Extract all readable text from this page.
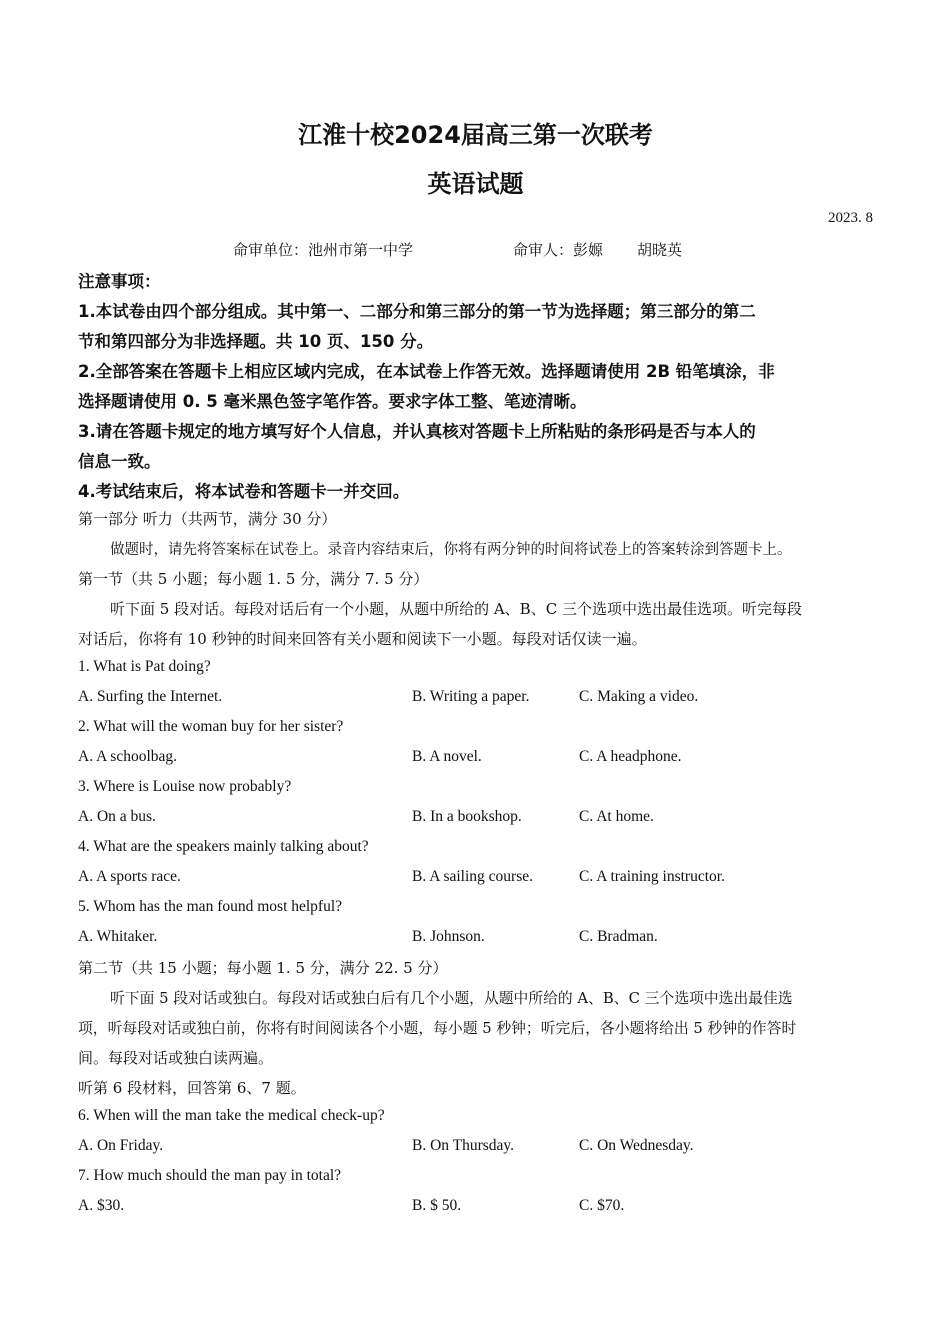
江淮十校2024届高三第一次联考
英语试题
2023. 8
命审单位：池州市第一中学	命审人：彭嫄 胡晓英
注意事项：
1.本试卷由四个部分组成。其中第一、二部分和第三部分的第一节为选择题；第三部分的第二
节和第四部分为非选择题。共 10 页、150 分。
2.全部答案在答题卡上相应区域内完成，在本试卷上作答无效。选择题请使用 2B 铅笔填涂，非
选择题请使用 0. 5 毫米黑色签字笔作答。要求字体工整、笔迹清晰。
3.请在答题卡规定的地方填写好个人信息，并认真核对答题卡上所粘贴的条形码是否与本人的
信息一致。
4.考试结束后，将本试卷和答题卡一并交回。
第一部分 听力（共两节，满分 30 分）
做题时，请先将答案标在试卷上。录音内容结束后，你将有两分钟的时间将试卷上的答案转涂到答题卡上。
第一节（共 5 小题；每小题 1. 5 分，满分 7. 5 分）
听下面 5 段对话。每段对话后有一个小题，从题中所给的 A、B、C 三个选项中选出最佳选项。听完每段
对话后，你将有 10 秒钟的时间来回答有关小题和阅读下一小题。每段对话仅读一遍。
1. What is Pat doing?
A. Surfing the Internet.	B. Writing a paper.	C. Making a video.
2. What will the woman buy for her sister?
A. A schoolbag.	B. A novel.	C. A headphone.
3. Where is Louise now probably?
A. On a bus.	B. In a bookshop.	C. At home.
4. What are the speakers mainly talking about?
A. A sports race.	B. A sailing course.	C. A training instructor.
5. Whom has the man found most helpful?
A. Whitaker.	B. Johnson.	C. Bradman.
第二节（共 15 小题；每小题 1. 5 分，满分 22. 5 分）
听下面 5 段对话或独白。每段对话或独白后有几个小题，从题中所给的 A、B、C 三个选项中选出最佳选
项，听每段对话或独白前，你将有时间阅读各个小题，每小题 5 秒钟；听完后，各小题将给出 5 秒钟的作答时
间。每段对话或独白读两遍。
听第 6 段材料，回答第 6、7 题。
6. When will the man take the medical check-up?
A. On Friday.	B. On Thursday.	C. On Wednesday.
7. How much should the man pay in total?
A. $30.	B. $ 50.	C. $70.
